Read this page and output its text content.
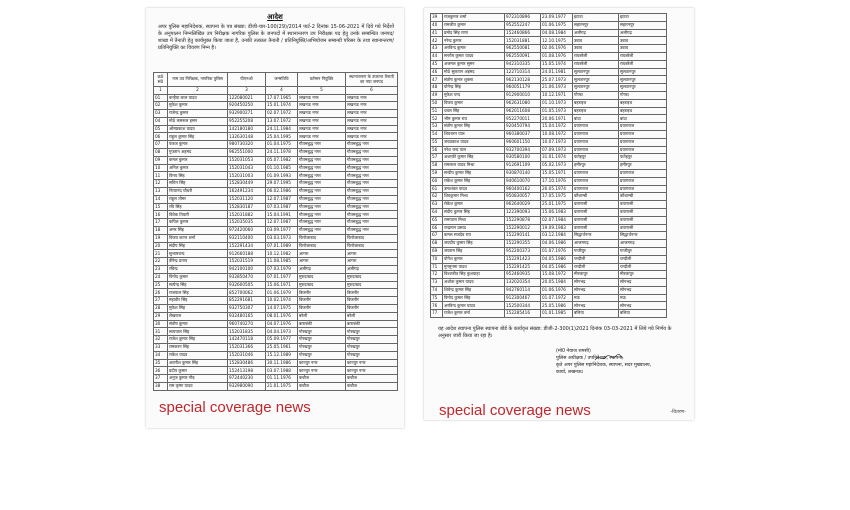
आदेश
अपर पुलिस महानिदेशक, स्थापना के पत्र संख्या: डीजी-चार-100(29)/2014 पार्ट-2 दिनांक 15-06-2021 में दिये गये निर्देशों के अनुपालन निम्नलिखित उप निरीक्षक नागरिक पुलिस के जनपदों में स्थानान्तरण उप निरीक्षक पद हेतु उनके सम्बन्धित जनपद/शाखा में तैनाती हेतु कार्यमुक्त किया जाता है, उनकी तत्काल तैनाती / प्रतिनियुक्ति/अभियोजन सम्बन्धी परिसर के तथा स्थानान्तरण/प्रतिनियुक्ति का विवरण निम्न है।
क्र0 सं0	नाम उप निरीक्षक, नागरिक पुलिस	पीएनओ	जन्मतिथि	वर्तमान नियुक्ति	स्थानान्तरण के उपरान्त तैनाती का नया जनपद
1	2	3	4	5	6
01	कन्हैया लाल यादव	122080021	17.07.1965	लखनऊ नगर	लखनऊ नगर
02	मुकेश कुमार	920450250	15.01.1974	लखनऊ नगर	लखनऊ नगर
03	राजेन्द्र कुमार	932900271	02.07.1972	लखनऊ नगर	लखनऊ नगर
04	मो0 कमरूल हसन	952255208	13.07.1972	लखनऊ नगर	लखनऊ नगर
05	ओमप्रकाश यादव	142180180	24.11.1984	लखनऊ नगर	लखनऊ नगर
06	राहुल कुमार सिंह	132630148	25.04.1995	लखनऊ नगर	लखनऊ नगर
07	पंकज कुमार	980730320	01.04.1975	गौतमबुद्ध नगर	गौतमबुद्ध नगर
08	गुफरान अहमद	962551000	24.11.1978	गौतमबुद्ध नगर	गौतमबुद्ध नगर
09	कमल कुमार	152031053	05.07.1982	गौतमबुद्ध नगर	गौतमबुद्ध नगर
10	अनिल कुमार	152031043	01.10.1985	गौतमबुद्ध नगर	गौतमबुद्ध नगर
11	विनय सिंह	152031003	01.09.1993	गौतमबुद्ध नगर	गौतमबुद्ध नगर
12	सचिन सिंह	152830449	29.07.1995	गौतमबुद्ध नगर	गौतमबुद्ध नगर
13	नित्यानंद चौधरी	162491234	06.02.1986	गौतमबुद्ध नगर	गौतमबुद्ध नगर
14	राहुल तोमर	152031120	12.07.1987	गौतमबुद्ध नगर	गौतमबुद्ध नगर
15	रवि सिंह	152830187	07.03.1987	गौतमबुद्ध नगर	गौतमबुद्ध नगर
16	विवेक तिवारी	152031882	15.04.1991	गौतमबुद्ध नगर	गौतमबुद्ध नगर
17	कपिल कुमार	152035035	12.07.1987	गौतमबुद्ध नगर	गौतमबुद्ध नगर
18	अमर सिंह	972420060	03.09.1977	गौतमबुद्ध नगर	गौतमबुद्ध नगर
19	विजय कान्त शर्मा	932110400	03.03.1973	फिरोजाबाद	फिरोजाबाद
20	संदीप सिंह	152291434	07.01.1989	फिरोजाबाद	फिरोजाबाद
21	सुभाषचन्द	912660188	10.12.1982	आगरा	आगरा
22	वीरेन्द्र प्रताप	152031519	11.08.1985	आगरा	आगरा
23	रविन्द्र	942100100	07.03.1979	अलीगढ़	अलीगढ़
24	विनोद कुमार	932850470	07.01.1977	मुरादाबाद	मुरादाबाद
25	सत्येन्द्र सिंह	932600505	15.06.1971	मुरादाबाद	मुरादाबाद
26	राजपाल सिंह	852700062	01.06.1979	बिजनौर	बिजनौर
27	महावीर सिंह	852291681	10.02.1974	बिजनौर	बिजनौर
28	मुकेश सिंह	932750307	14.07.1975	बिजनौर	बिजनौर
29	लेखराज	932480165	08.01.1976	बरेली	बरेली
30	संतोष कुमार	960740270	04.07.1976	बाराबंकी	बाराबंकी
31	सत्यपाल सिंह	152031835	04.04.1973	गोरखपुर	गोरखपुर
32	राजेश कुमार सिंह	142470118	05.09.1977	गोरखपुर	गोरखपुर
33	रामकरन सिंह	152031366	25.05.1961	गोरखपुर	गोरखपुर
34	राकेश यादव	152031046	15.12.1989	गोरखपुर	गोरखपुर
35	अवनीश कुमार सिंह	152830486	30.11.1986	कानपुर नगर	कानपुर नगर
36	प्रदीप कुमार	152413198	03.07.1988	कानपुर नगर	कानपुर नगर
37	अनुज कुमार गौड़	972440230	01.11.1976	कन्नौज	कन्नौज
38	राम कृष्ण यादव	932980090	21.01.1975	कन्नौज	कन्नौज
39	राजकुमार शर्मा	972310896	23.09.1977	इटावा	इटावा
40	रामजीत कुमार	952552247	01.06.1975	सहारनपुर	सहारनपुर
41	प्रमोद सिंह राणा	152460866	04.08.1984	अलीगढ़	अलीगढ़
42	नरेन्द्र कुमार	152031881	12.10.1975	उन्नाव	उन्नाव
43	अरविन्द कुमार	962550081	02.06.1976	उन्नाव	उन्नाव
44	सन्तोष कुमार यादव	962550091	01.08.1976	रायबरेली	रायबरेली
45	अजमल कुमार सुमन	942310335	15.05.1974	रायबरेली	रायबरेली
46	मो0 सुलतान अहमद	122710314	24.01.1981	सुलतानपुर	सुलतानपुर
47	संतोष कुमार शुक्ला	962130128	25.07.1973	सुलतानपुर	सुलतानपुर
48	योगेन्द्र सिंह	960051179	21.06.1973	सुलतानपुर	सुलतानपुर
49	मुकेश चन्द	912900010	10.12.1971	गोण्डा	गोण्डा
50	विजय कुमार	962631080	01.10.1973	बहराइच	बहराइच
51	धवल सिंह	962011608	01.05.1973	बहराइच	बहराइच
52	भीम कुमार राय	952270011	20.06.1971	बांदा	बांदा
53	संतोष कुमार सिंह	920450794	15.04.1972	प्रयागराज	प्रयागराज
54	शिवचरन पाल	960380037	10.08.1972	प्रयागराज	प्रयागराज
55	जयप्रकाश यादव	960601150	10.07.1973	प्रयागराज	प्रयागराज
56	नरेश चन्द पाल	932700394	07.09.1973	प्रयागराज	प्रयागराज
57	अशरफ़ी कुमार सिंह	930580100	31.01.1974	फतेहपुर	फतेहपुर
58	रामलाल यादव मिश्रा	912691109	05.02.1973	हमीरपुर	हमीरपुर
59	सन्दीप कुमार सिंह	930870140	15.05.1971	प्रयागराज	प्रयागराज
60	राकेश कुमार सिंह	940610070	17.10.1976	प्रयागराज	प्रयागराज
61	उमाशंकर यादव	960400162	26.05.1974	प्रयागराज	प्रयागराज
62	शिवकुमार मिश्रा	950830057	17.05.1975	कौशाम्बी	कौशाम्बी
63	रोकेश कुमार	962640029	25.01.1975	वाराणसी	वाराणसी
64	संदीप कुमार सिंह	122390093	15.06.1983	वाराणसी	वाराणसी
65	रामप्यारा मिश्रा	152290878	02.07.1984	वाराणसी	वाराणसी
66	चन्द्रमान प्रसाद	152290012	19.09.1983	वाराणसी	वाराणसी
67	कमल सजदेव राय	152290141	03.12.1984	सिद्धार्थनगर	सिद्धार्थनगर
68	जयदीप कुमार सिंह	152290355	04.06.1986	आजमगढ़	आजमगढ़
69	जयराम सिंह	952200373	01.07.1976	गाजीपुर	गाजीपुर
70	योगेश कुमार	152291423	04.05.1986	चन्दौली	चन्दौली
71	मुनमुनमा यादव	152291425	04.05.1986	चन्दौली	चन्दौली
72	विश्वजीत सिंह कुशवाहा	952460935	15.08.1972	मीरजापुर	मीरजापुर
73	अशोक कुमार यादव	132020354	20.05.1984	सोनभद्र	सोनभद्र
74	शिवेन्द्र कुमार सिंह	942760114	01.06.1976	सोनभद्र	सोनभद्र
75	विनोद कुमार सिंह	912300467	01.07.1972	मऊ	मऊ
76	अरविन्द कुमार यादव	152500344	25.05.1986	सोनभद्र	सोनभद्र
77	राजेश कुमार वर्मा	152285416	01.01.1985	बलिया	बलिया
यह आदेश स्थापना पुलिस स्थापना बोर्ड के कार्यवृत्त संख्या: डीजी-2-300(1)2021 दिनांक 03-03-2021 में लिये गये निर्णय के अनुसार जारी किया जा रहा है।
(मो0 नेयाज शमसी)
पुलिस अधीक्षक / उपनिदेशक, स्थापना,
कृते अपर पुलिस महानिदेशक, स्थापना, सदर मुख्यालय,
कार्या, लखनऊ।
-वितरण-
special coverage news	special coverage news
